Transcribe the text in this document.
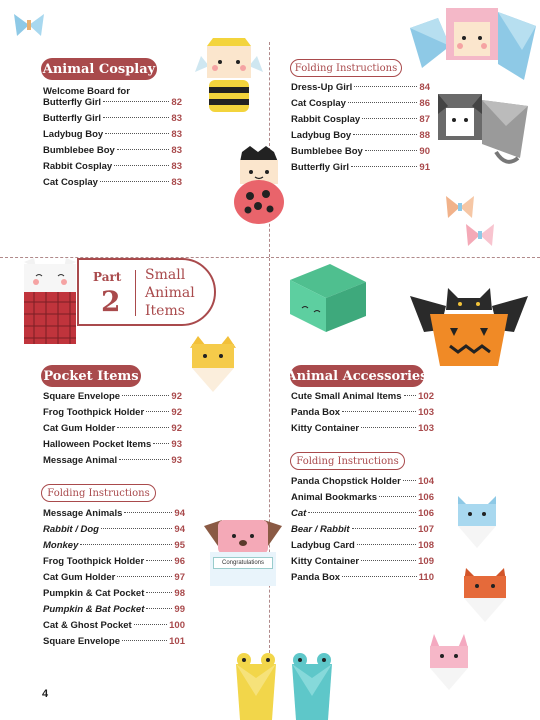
Animal Cosplay
Welcome Board for
Butterfly Girl	82
Butterfly Girl	83
Ladybug Boy	83
Bumblebee Boy	83
Rabbit Cosplay	83
Cat Cosplay	83
Folding Instructions
Dress-Up Girl	84
Cat Cosplay	86
Rabbit Cosplay	87
Ladybug Boy	88
Bumblebee Boy	90
Butterfly Girl	91
Part
2
Small
Animal
Items
Pocket Items
Square Envelope	92
Frog Toothpick Holder	92
Cat Gum Holder	92
Halloween Pocket Items 93
Message Animal	93
Folding Instructions
Message Animals	94
Rabbit / Dog	94
Monkey	95
Frog Toothpick Holder	96
Cat Gum Holder	97
Pumpkin & Cat Pocket	98
Pumpkin & Bat Pocket	99
Cat & Ghost Pocket	100
Square Envelope	101
Animal Accessories
Cute Small Animal Items 102
Panda Box	103
Kitty Container	103
Folding Instructions
Panda Chopstick Holder 104
Animal Bookmarks	106
Cat	106
Bear / Rabbit	107
Ladybug Card	108
Kitty Container	109
Panda Box	110
Congratulations
4
